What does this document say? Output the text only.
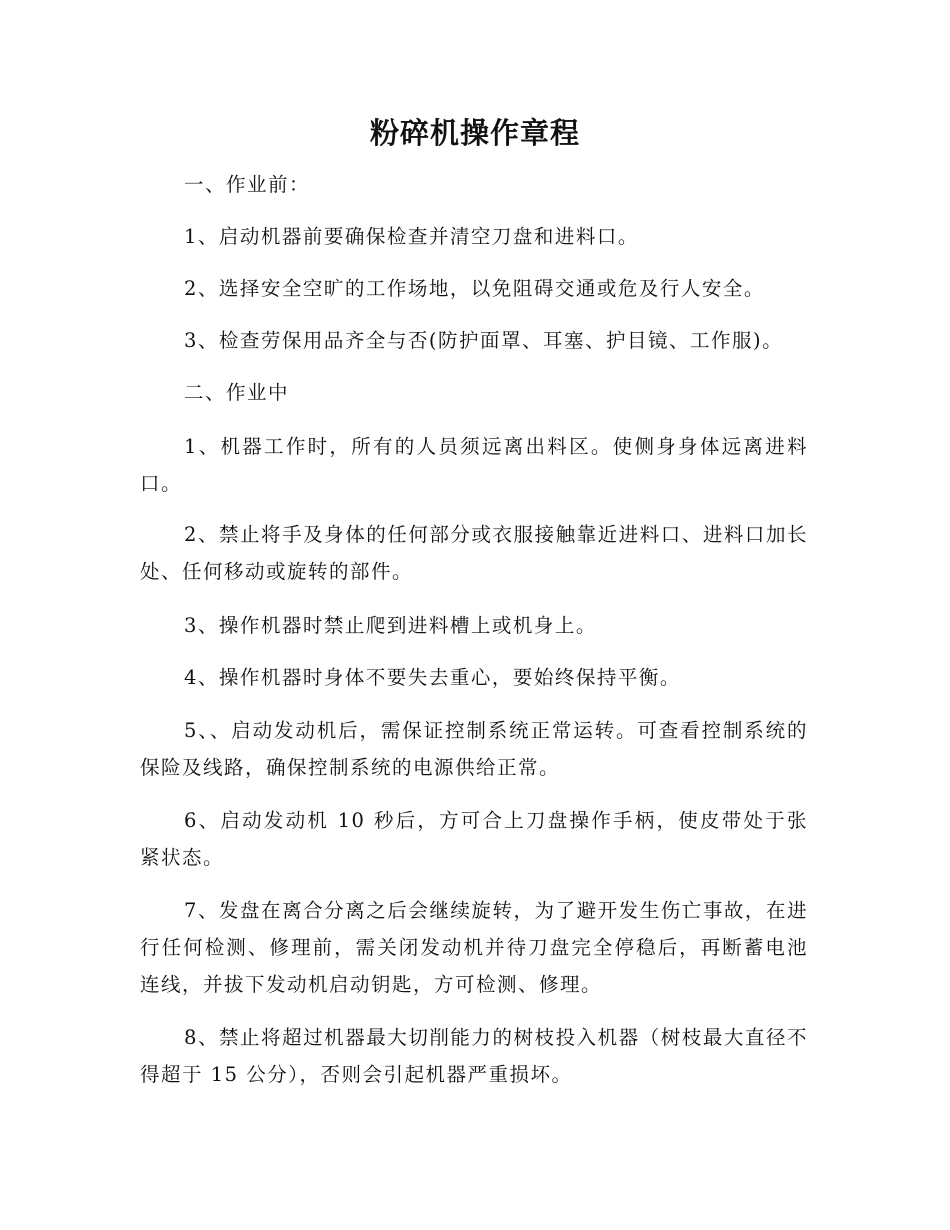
粉碎机操作章程
一、作业前：
1、启动机器前要确保检查并清空刀盘和进料口。
2、选择安全空旷的工作场地，以免阻碍交通或危及行人安全。
3、检查劳保用品齐全与否(防护面罩、耳塞、护目镜、工作服)。
二、作业中
1、机器工作时，所有的人员须远离出料区。使侧身身体远离进料口。
2、禁止将手及身体的任何部分或衣服接触靠近进料口、进料口加长处、任何移动或旋转的部件。
3、操作机器时禁止爬到进料槽上或机身上。
4、操作机器时身体不要失去重心，要始终保持平衡。
5、、启动发动机后，需保证控制系统正常运转。可查看控制系统的保险及线路，确保控制系统的电源供给正常。
6、启动发动机 10 秒后，方可合上刀盘操作手柄，使皮带处于张紧状态。
7、发盘在离合分离之后会继续旋转，为了避开发生伤亡事故，在进行任何检测、修理前，需关闭发动机并待刀盘完全停稳后，再断蓄电池连线，并拔下发动机启动钥匙，方可检测、修理。
8、禁止将超过机器最大切削能力的树枝投入机器（树枝最大直径不得超于 15 公分），否则会引起机器严重损坏。
